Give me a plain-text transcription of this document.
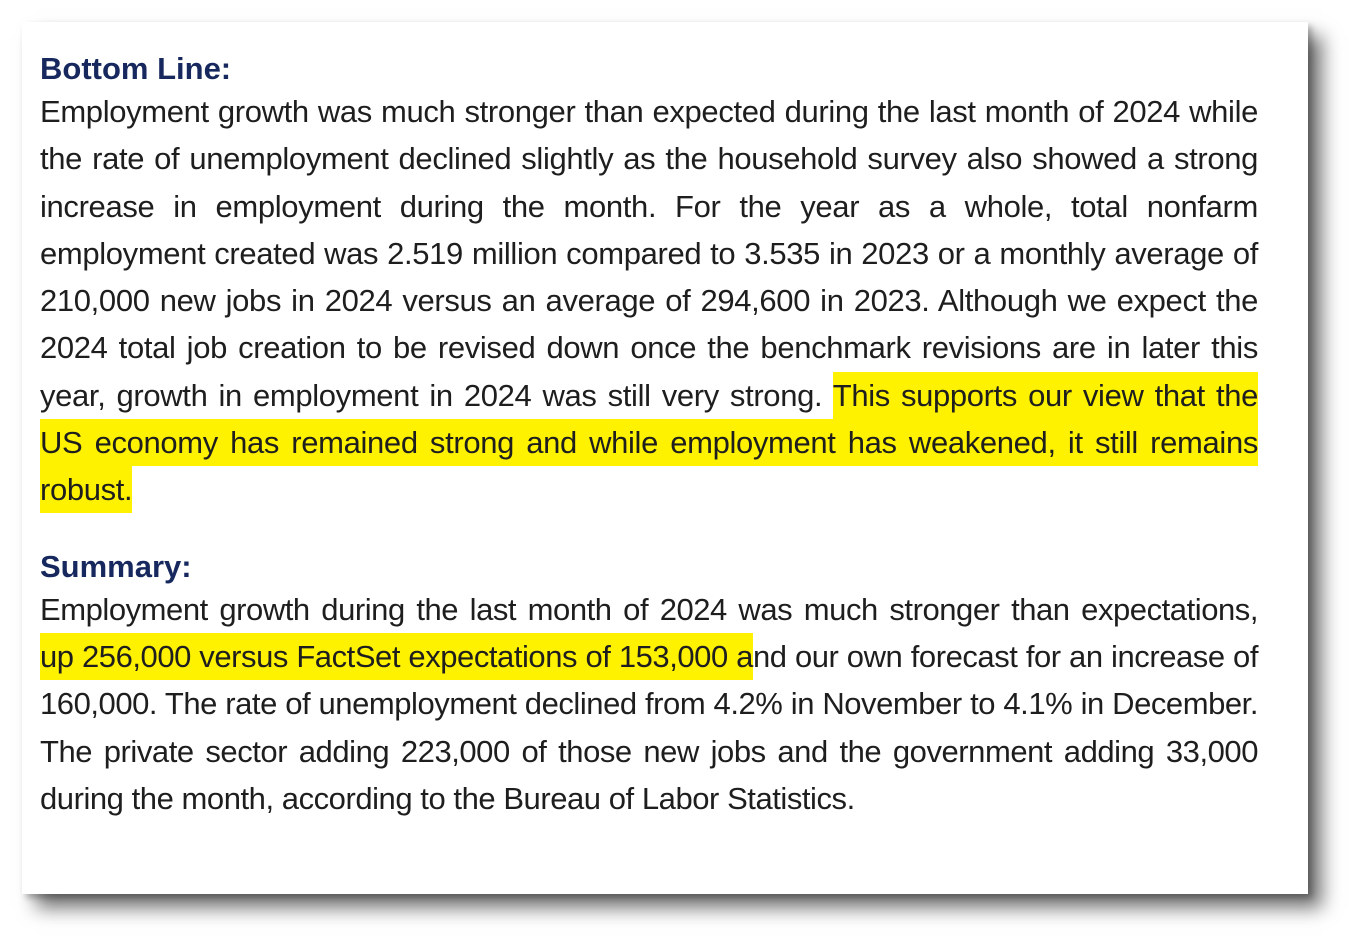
Bottom Line:

Employment growth was much stronger than expected during the last month of 2024 while the rate of unemployment declined slightly as the household survey also showed a strong increase in employment during the month. For the year as a whole, total nonfarm employment created was 2.519 million compared to 3.535 in 2023 or a monthly average of 210,000 new jobs in 2024 versus an average of 294,600 in 2023. Although we expect the 2024 total job creation to be revised down once the benchmark revisions are in later this year, growth in employment in 2024 was still very strong. This supports our view that the US economy has remained strong and while employment has weakened, it still remains robust.

Summary:

Employment growth during the last month of 2024 was much stronger than expectations, up 256,000 versus FactSet expectations of 153,000 and our own forecast for an increase of 160,000. The rate of unemployment declined from 4.2% in November to 4.1% in December. The private sector adding 223,000 of those new jobs and the government adding 33,000 during the month, according to the Bureau of Labor Statistics.
